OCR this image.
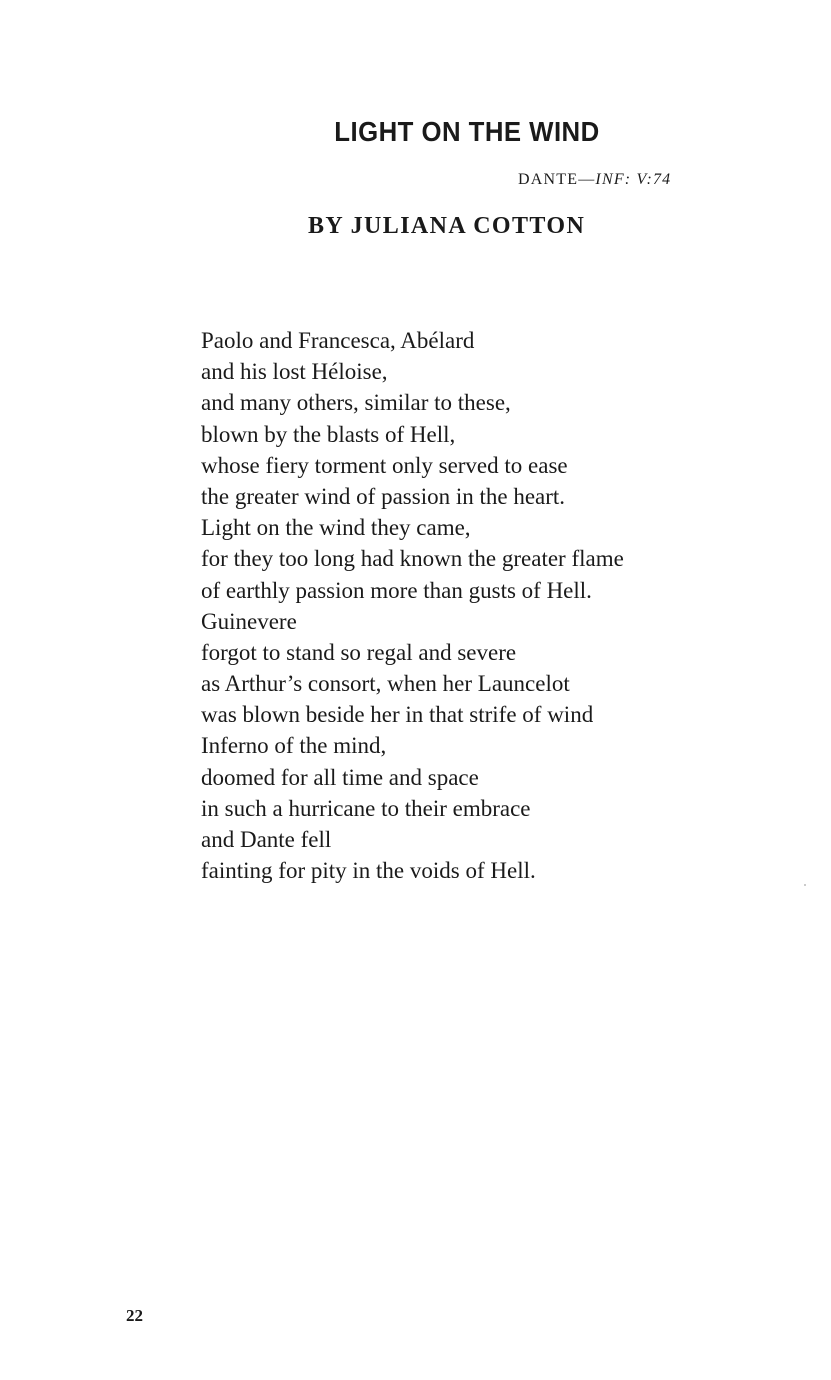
LIGHT ON THE WIND
DANTE—INF: V:74
BY JULIANA COTTON
Paolo and Francesca, Abélard
and his lost Héloise,
and many others, similar to these,
blown by the blasts of Hell,
whose fiery torment only served to ease
the greater wind of passion in the heart.
Light on the wind they came,
for they too long had known the greater flame
of earthly passion more than gusts of Hell.
Guinevere
forgot to stand so regal and severe
as Arthur’s consort, when her Launcelot
was blown beside her in that strife of wind
Inferno of the mind,
doomed for all time and space
in such a hurricane to their embrace
and Dante fell
fainting for pity in the voids of Hell.
22
